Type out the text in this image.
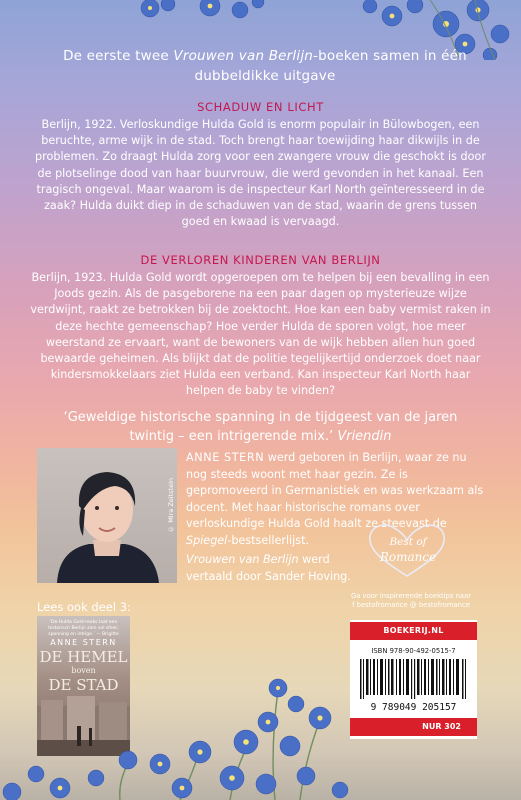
De eerste twee Vrouwen van Berlijn-boeken samen in één dubbeldikke uitgave
SCHADUW EN LICHT
Berlijn, 1922. Verloskundige Hulda Gold is enorm populair in Bülowbogen, een beruchte, arme wijk in de stad. Toch brengt haar toewijding haar dikwijls in de problemen. Zo draagt Hulda zorg voor een zwangere vrouw die geschokt is door de plotselinge dood van haar buurvrouw, die werd gevonden in het kanaal. Een tragisch ongeval. Maar waarom is de inspecteur Karl North geïnteresseerd in de zaak? Hulda duikt diep in de schaduwen van de stad, waarin de grens tussen goed en kwaad is vervaagd.
DE VERLOREN KINDEREN VAN BERLIJN
Berlijn, 1923. Hulda Gold wordt opgeroepen om te helpen bij een bevalling in een Joods gezin. Als de pasgeborene na een paar dagen op mysterieuze wijze verdwijnt, raakt ze betrokken bij de zoektocht. Hoe kan een baby vermist raken in deze hechte gemeenschap? Hoe verder Hulda de sporen volgt, hoe meer weerstand ze ervaart, want de bewoners van de wijk hebben allen hun goed bewaarde geheimen. Als blijkt dat de politie tegelijkertijd onderzoek doet naar kindersmokkelaars ziet Hulda een verband. Kan inspecteur Karl North haar helpen de baby te vinden?
‘Geweldige historische spanning in de tijdgeest van de jaren twintig – een intrigerende mix.’ Vriendin
© Mira Zeitstein
ANNE STERN werd geboren in Berlijn, waar ze nu nog steeds woont met haar gezin. Ze is gepromoveerd in Germanistiek en was werkzaam als docent. Met haar historische romans over verloskundige Hulda Gold haalt ze steevast de Spiegel-bestsellerlijst.
Vrouwen van Berlijn werd vertaald door Sander Hoving.
Best of
Romance
Ga voor inspirerende boektips naar
f bestofromance @ bestofromance
Lees ook deel 3:
‘De Hulda Gold-reeks laat een historisch Berlijn zien vol sfeer, spanning en intrige.’ — Brigitte
ANNE STERN
DE HEMEL
boven
DE STAD
BOEKERIJ.NL
ISBN 978-90-492-0515-7
9 789049 205157
NUR 302
